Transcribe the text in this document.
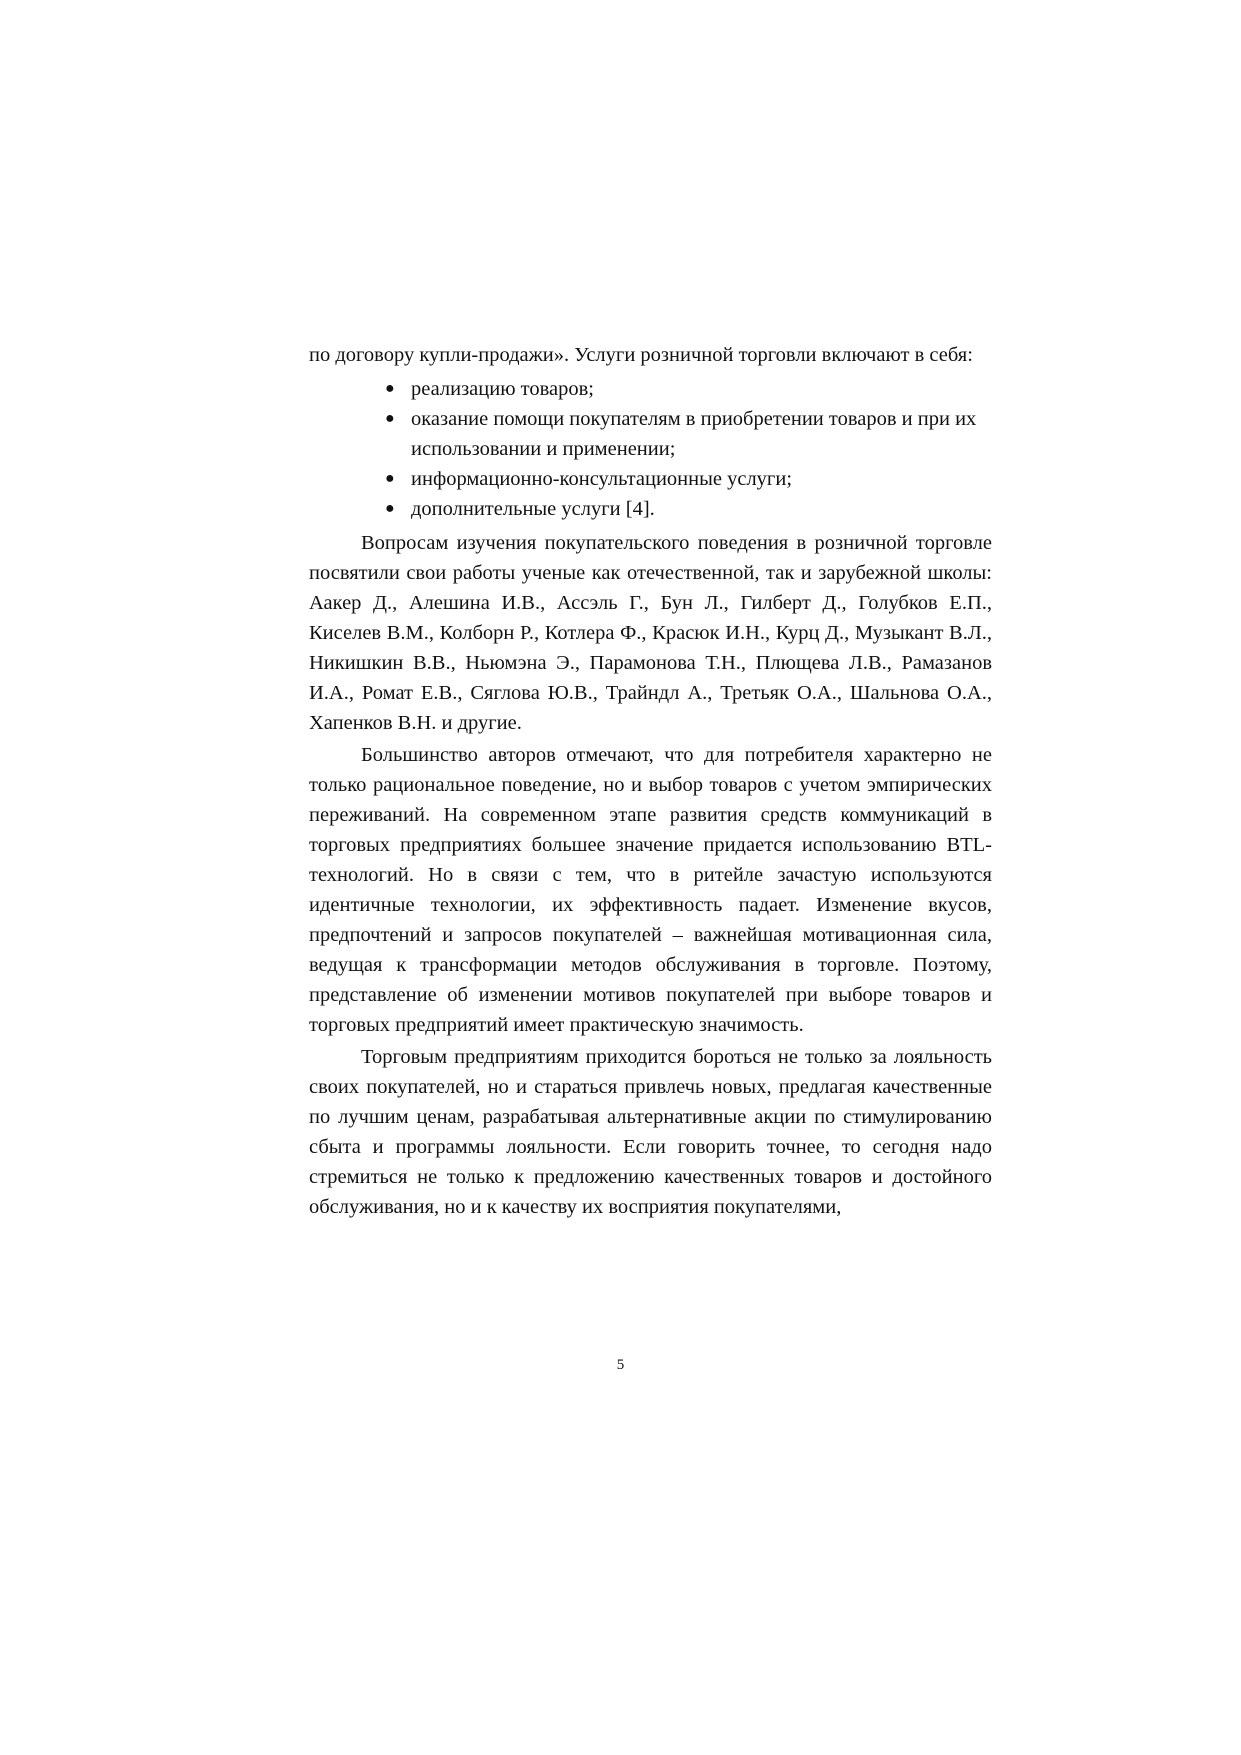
по договору купли-продажи». Услуги розничной торговли включают в себя:

● реализацию товаров;
● оказание помощи покупателям в приобретении товаров и при их использовании и применении;
● информационно-консультационные услуги;
● дополнительные услуги [4].

Вопросам изучения покупательского поведения в розничной торговле посвятили свои работы ученые как отечественной, так и зарубежной школы: Аакер Д., Алешина И.В., Ассэль Г., Бун Л., Гилберт Д., Голубков Е.П., Киселев В.М., Колборн Р., Котлера Ф., Красюк И.Н., Курц Д., Музыкант В.Л., Никишкин В.В., Ньюмэна Э., Парамонова Т.Н., Плющева Л.В., Рамазанов И.А., Ромат Е.В., Сяглова Ю.В., Трайндл А., Третьяк О.А., Шальнова О.А., Хапенков В.Н. и другие.

Большинство авторов отмечают, что для потребителя характерно не только рациональное поведение, но и выбор товаров с учетом эмпирических переживаний. На современном этапе развития средств коммуникаций в торговых предприятиях большее значение придается использованию BTL-технологий. Но в связи с тем, что в ритейле зачастую используются идентичные технологии, их эффективность падает. Изменение вкусов, предпочтений и запросов покупателей – важнейшая мотивационная сила, ведущая к трансформации методов обслуживания в торговле. Поэтому, представление об изменении мотивов покупателей при выборе товаров и торговых предприятий имеет практическую значимость.

Торговым предприятиям приходится бороться не только за лояльность своих покупателей, но и стараться привлечь новых, предлагая качественные по лучшим ценам, разрабатывая альтернативные акции по стимулированию сбыта и программы лояльности. Если говорить точнее, то сегодня надо стремиться не только к предложению качественных товаров и достойного обслуживания, но и к качеству их восприятия покупателями,

5
